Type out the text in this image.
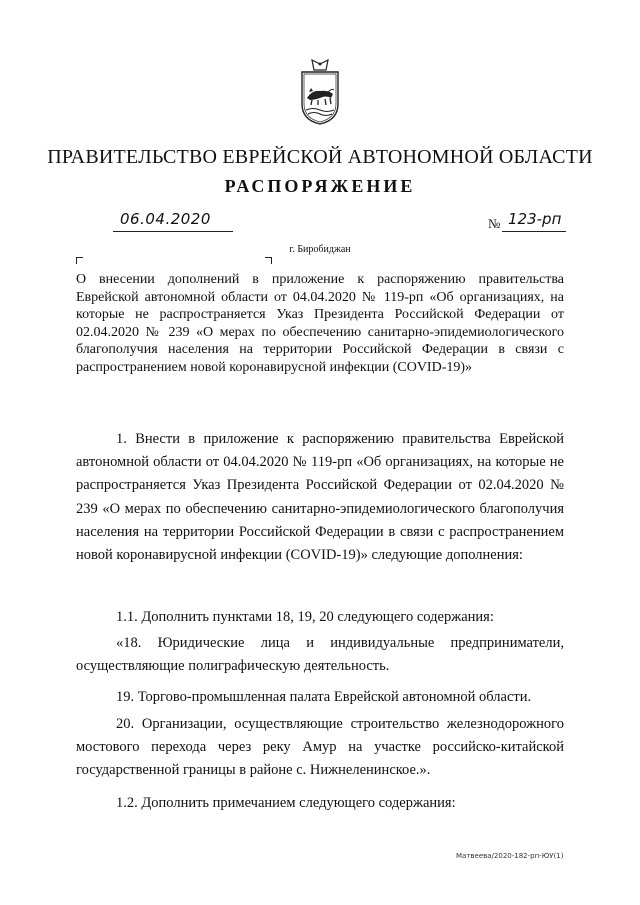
ПРАВИТЕЛЬСТВО ЕВРЕЙСКОЙ АВТОНОМНОЙ ОБЛАСТИ
РАСПОРЯЖЕНИЕ
06.04.2020	№ 123-рп
г. Биробиджан
О внесении дополнений в приложение к распоряжению правительства Еврейской автономной области от 04.04.2020 № 119-рп «Об организациях, на которые не распространяется Указ Президента Российской Федерации от 02.04.2020 № 239 «О мерах по обеспечению санитарно-эпидемиологического благополучия населения на территории Российской Федерации в связи с распространением новой коронавирусной инфекции (COVID-19)»
1. Внести в приложение к распоряжению правительства Еврейской автономной области от 04.04.2020 № 119-рп «Об организациях, на которые не распространяется Указ Президента Российской Федерации от 02.04.2020 № 239 «О мерах по обеспечению санитарно-эпидемиологического благополучия населения на территории Российской Федерации в связи с распространением новой коронавирусной инфекции (COVID-19)» следующие дополнения:
1.1. Дополнить пунктами 18, 19, 20 следующего содержания:
«18. Юридические лица и индивидуальные предприниматели, осуществляющие полиграфическую деятельность.
19. Торгово-промышленная палата Еврейской автономной области.
20. Организации, осуществляющие строительство железнодорожного мостового перехода через реку Амур на участке российско-китайской государственной границы в районе с. Нижнеленинское.».
1.2. Дополнить примечанием следующего содержания:
Матвеева/2020-182-рп-ЮУ(1)
